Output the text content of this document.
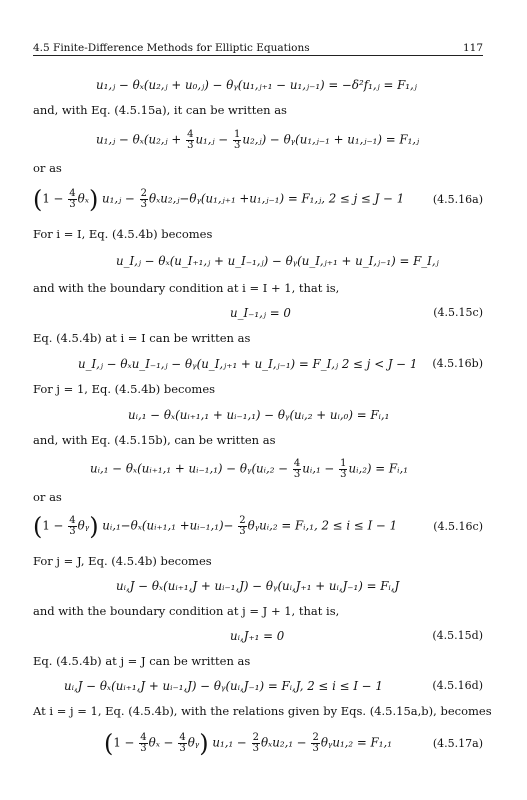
4.5 Finite-Difference Methods for Elliptic Equations	117
u₁,ⱼ − θₓ(u₂,ⱼ + u₀,ⱼ) − θᵧ(u₁,ⱼ₊₁ − u₁,ⱼ₋₁) = −δ²f₁,ⱼ = F₁,ⱼ
and, with Eq. (4.5.15a), it can be written as
u₁,ⱼ − θₓ(u₂,ⱼ + $\frac{4}{3}$ u₁,ⱼ − $\frac{1}{3}$ u₂,ⱼ) − θᵧ(u₁,ⱼ₋₁ + u₁,ⱼ₋₁) = F₁,ⱼ
or as
$(1 - \frac{4}{3} \theta_x)$ u₁,ⱼ − $\frac{2}{3}$ θₓu₂,ⱼ−θᵧ(u₁,ⱼ₊₁ +u₁,ⱼ₋₁) = F₁,ⱼ, 2 ≤ j ≤ J − 1	(4.5.16a)
For i = I, Eq. (4.5.4b) becomes
u_I,ⱼ − θₓ(u_I₊₁,ⱼ + u_I₋₁,ⱼ) − θᵧ(u_I,ⱼ₊₁ + u_I,ⱼ₋₁) = F_I,ⱼ
and with the boundary condition at i = I + 1, that is,
u_I₋₁,ⱼ = 0	(4.5.15c)
Eq. (4.5.4b) at i = I can be written as
u_I,ⱼ − θₓu_I₋₁,ⱼ − θᵧ(u_I,ⱼ₊₁ + u_I,ⱼ₋₁) = F_I,ⱼ 2 ≤ j < J − 1 (4.5.16b)
For j = 1, Eq. (4.5.4b) becomes
uᵢ,₁ − θₓ(uᵢ₊₁,₁ + uᵢ₋₁,₁) − θᵧ(uᵢ,₂ + uᵢ,₀) = Fᵢ,₁
and, with Eq. (4.5.15b), can be written as
uᵢ,₁ − θₓ(uᵢ₊₁,₁ + uᵢ₋₁,₁) − θᵧ(uᵢ,₂ − $\frac{4}{3}$ uᵢ,₁ − $\frac{1}{3}$ uᵢ,₂) = Fᵢ,₁
or as
($1 - \frac{4}{3}$ θᵧ) uᵢ,₁−θₓ(uᵢ₊₁,₁ +uᵢ₋₁,₁)− $\frac{2}{3}$ θᵧuᵢ,₂ = Fᵢ,₁, 2 ≤ i ≤ I − 1	(4.5.16c)
For j = J, Eq. (4.5.4b) becomes
uᵢ,J − θₓ(uᵢ₊₁,J + uᵢ₋₁,J) − θᵧ(uᵢ,J₊₁ + uᵢ,J₋₁) = Fᵢ,J
and with the boundary condition at j = J + 1, that is,
uᵢ,J₊₁ = 0	(4.5.15d)
Eq. (4.5.4b) at j = J can be written as
uᵢ,J − θₓ(uᵢ₊₁,J + uᵢ₋₁,J) − θᵧ(uᵢ,J₋₁) = Fᵢ,J, 2 ≤ i ≤ I − 1	(4.5.16d)
At i = j = 1, Eq. (4.5.4b), with the relations given by Eqs. (4.5.15a,b), becomes
($1 - \frac{4}{3}$ $\theta_x - \frac{4}{3}$ θᵧ) $u_1,_1 - \frac{2}{3} \theta_xu_2,_1 - \frac{2}{3}$ θᵧu₁,₂ = F₁,₁	(4.5.17a)
